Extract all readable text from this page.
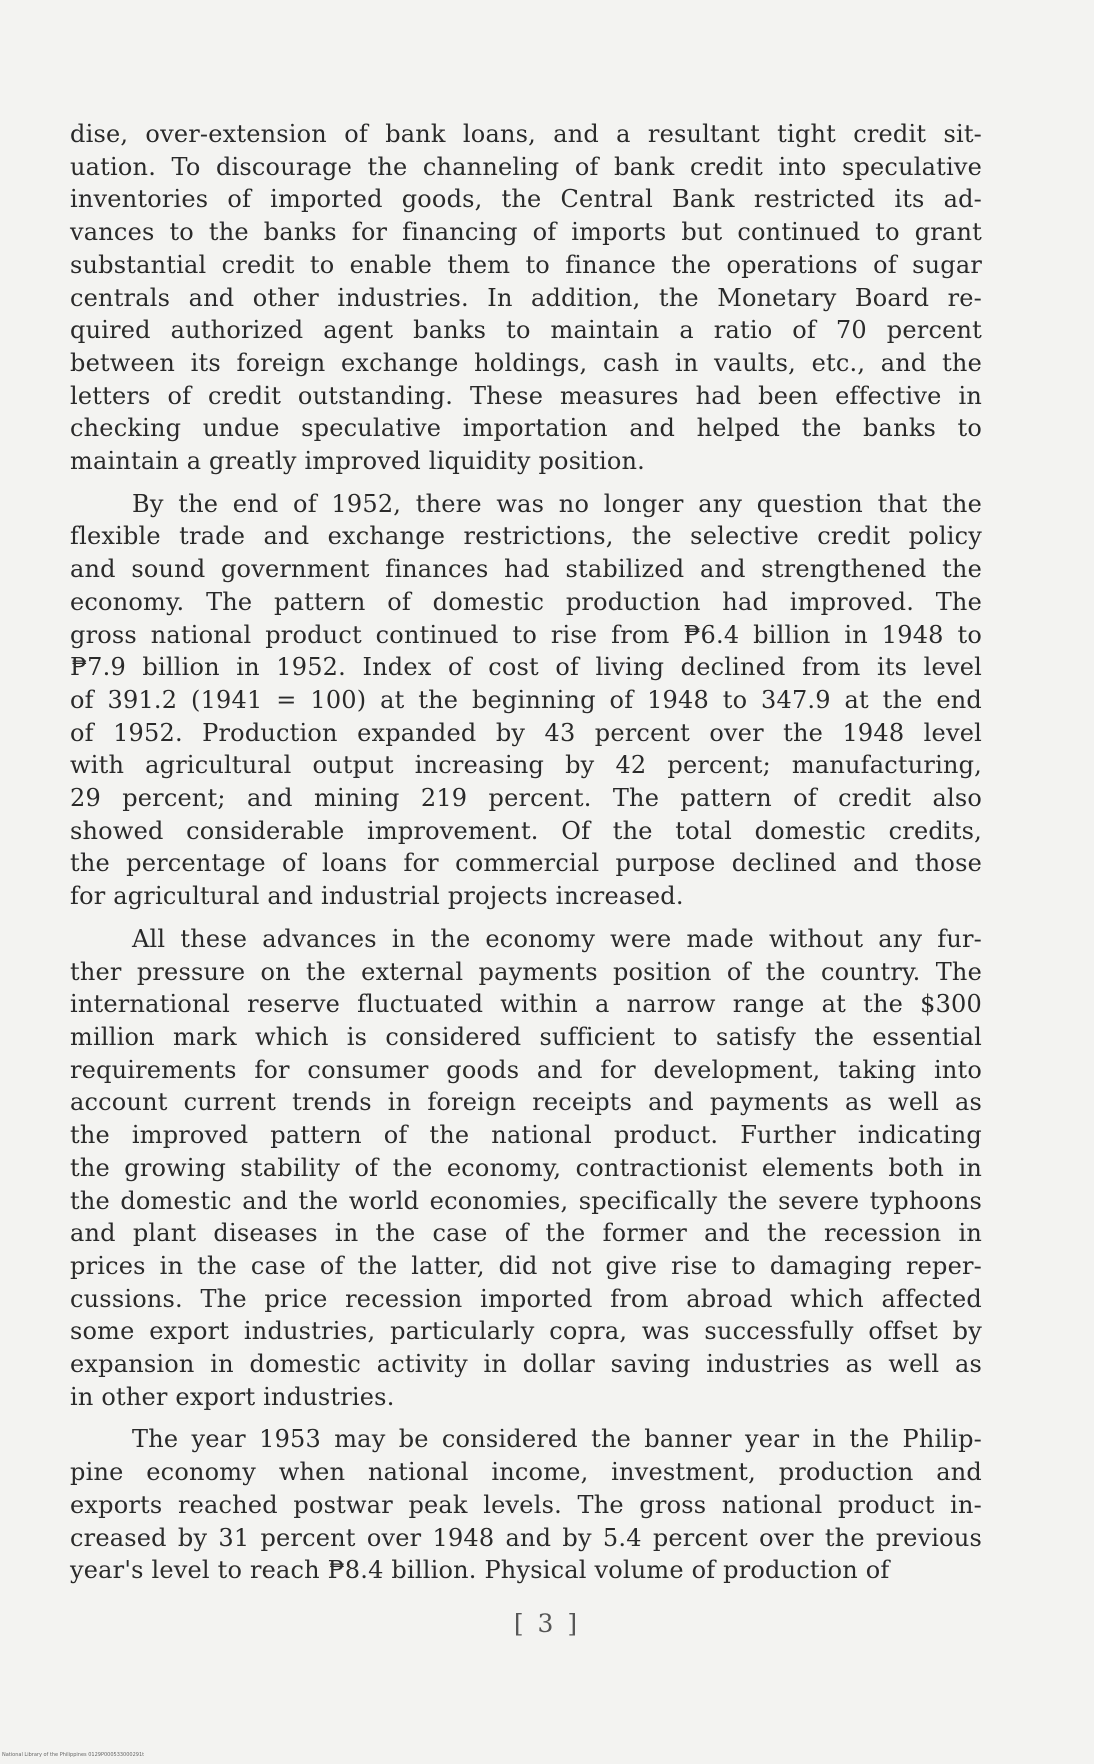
dise, over-extension of bank loans, and a resultant tight credit sit-
uation. To discourage the channeling of bank credit into speculative
inventories of imported goods, the Central Bank restricted its ad-
vances to the banks for financing of imports but continued to grant
substantial credit to enable them to finance the operations of sugar
centrals and other industries. In addition, the Monetary Board re-
quired authorized agent banks to maintain a ratio of 70 percent
between its foreign exchange holdings, cash in vaults, etc., and the
letters of credit outstanding. These measures had been effective in
checking undue speculative importation and helped the banks to
maintain a greatly improved liquidity position.

By the end of 1952, there was no longer any question that the
flexible trade and exchange restrictions, the selective credit policy
and sound government finances had stabilized and strengthened the
economy. The pattern of domestic production had improved. The
gross national product continued to rise from ₱6.4 billion in 1948 to
₱7.9 billion in 1952. Index of cost of living declined from its level
of 391.2 (1941 = 100) at the beginning of 1948 to 347.9 at the end
of 1952. Production expanded by 43 percent over the 1948 level
with agricultural output increasing by 42 percent; manufacturing,
29 percent; and mining 219 percent. The pattern of credit also
showed considerable improvement. Of the total domestic credits,
the percentage of loans for commercial purpose declined and those
for agricultural and industrial projects increased.

All these advances in the economy were made without any fur-
ther pressure on the external payments position of the country. The
international reserve fluctuated within a narrow range at the $300
million mark which is considered sufficient to satisfy the essential
requirements for consumer goods and for development, taking into
account current trends in foreign receipts and payments as well as
the improved pattern of the national product. Further indicating
the growing stability of the economy, contractionist elements both in
the domestic and the world economies, specifically the severe typhoons
and plant diseases in the case of the former and the recession in
prices in the case of the latter, did not give rise to damaging reper-
cussions. The price recession imported from abroad which affected
some export industries, particularly copra, was successfully offset by
expansion in domestic activity in dollar saving industries as well as
in other export industries.

The year 1953 may be considered the banner year in the Philip-
pine economy when national income, investment, production and
exports reached postwar peak levels. The gross national product in-
creased by 31 percent over 1948 and by 5.4 percent over the previous
year's level to reach ₱8.4 billion. Physical volume of production of

[ 3 ]
National Library of the Philippines 0129P000533000291t
